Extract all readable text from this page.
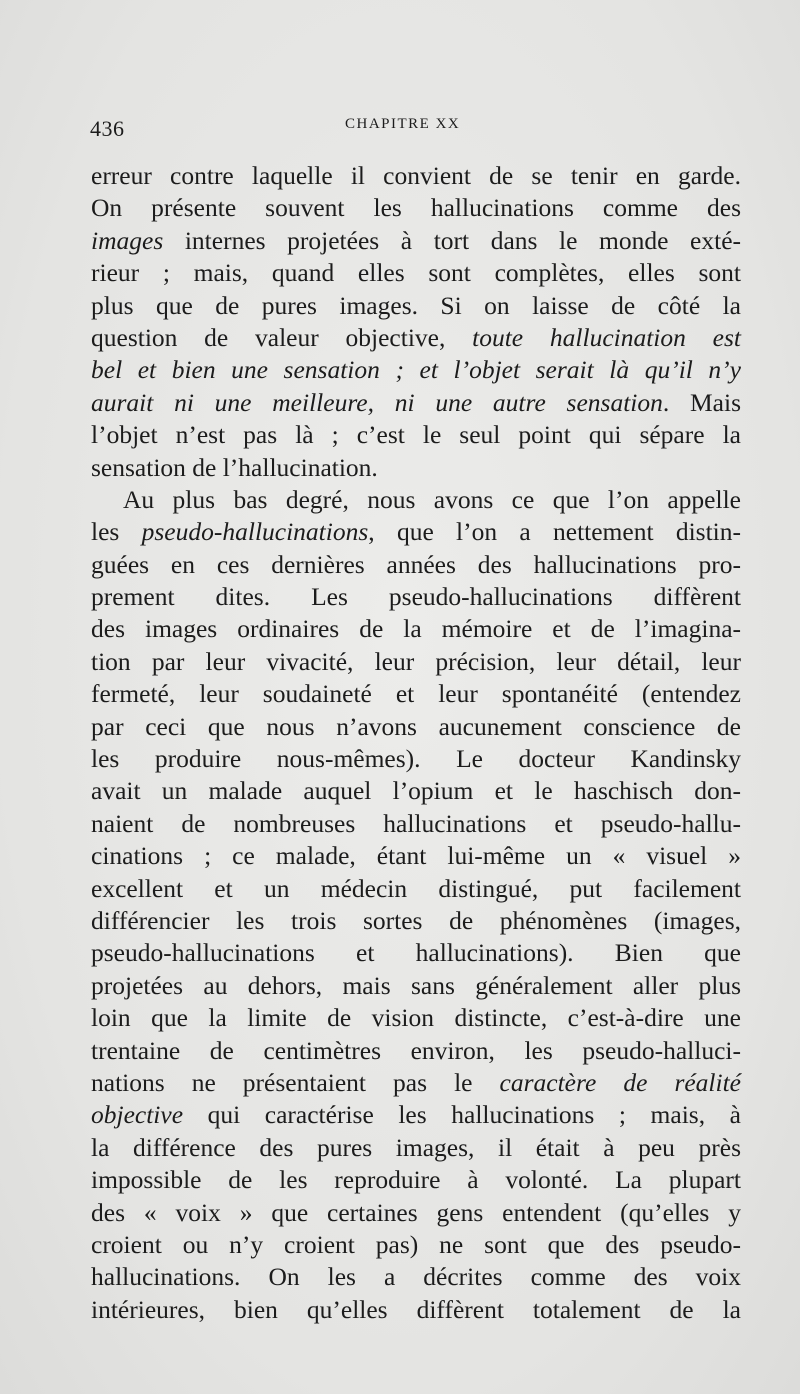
436	CHAPITRE XX
erreur contre laquelle il convient de se tenir en garde.
On présente souvent les hallucinations comme des
images internes projetées à tort dans le monde exté-
rieur ; mais, quand elles sont complètes, elles sont
plus que de pures images. Si on laisse de côté la
question de valeur objective, toute hallucination est
bel et bien une sensation ; et l’objet serait là qu’il n’y
aurait ni une meilleure, ni une autre sensation. Mais
l’objet n’est pas là ; c’est le seul point qui sépare la
sensation de l’hallucination.
Au plus bas degré, nous avons ce que l’on appelle
les pseudo-hallucinations, que l’on a nettement distin-
guées en ces dernières années des hallucinations pro-
prement dites. Les pseudo-hallucinations diffèrent
des images ordinaires de la mémoire et de l’imagina-
tion par leur vivacité, leur précision, leur détail, leur
fermeté, leur soudaineté et leur spontanéité (entendez
par ceci que nous n’avons aucunement conscience de
les produire nous-mêmes). Le docteur Kandinsky
avait un malade auquel l’opium et le haschisch don-
naient de nombreuses hallucinations et pseudo-hallu-
cinations ; ce malade, étant lui-même un « visuel »
excellent et un médecin distingué, put facilement
différencier les trois sortes de phénomènes (images,
pseudo-hallucinations et hallucinations). Bien que
projetées au dehors, mais sans généralement aller plus
loin que la limite de vision distincte, c’est-à-dire une
trentaine de centimètres environ, les pseudo-halluci-
nations ne présentaient pas le caractère de réalité
objective qui caractérise les hallucinations ; mais, à
la différence des pures images, il était à peu près
impossible de les reproduire à volonté. La plupart
des « voix » que certaines gens entendent (qu’elles y
croient ou n’y croient pas) ne sont que des pseudo-
hallucinations. On les a décrites comme des voix
intérieures, bien qu’elles diffèrent totalement de la
